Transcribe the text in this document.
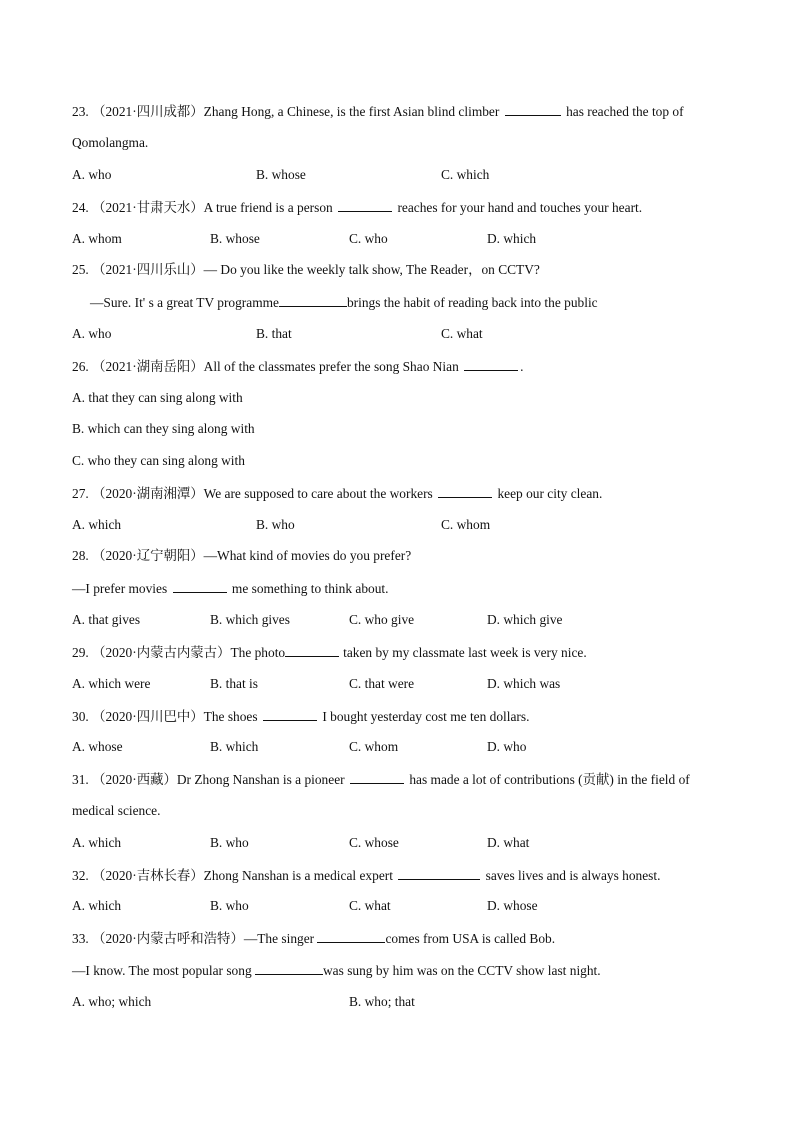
23. （2021·四川成都）Zhang Hong, a Chinese, is the first Asian blind climber	has reached the top of
Qomolangma.
A. who	B. whose	C. which
24. （2021·甘肃天水）A true friend is a person	reaches for your hand and touches your heart.
A. whom	B. whose	C. who	D. which
25. （2021·四川乐山）— Do you like the weekly talk show, The Reader，on CCTV?
—Sure. It' s a great TV programme	brings the habit of reading back into the public
A. who	B. that	C. what
26. （2021·湖南岳阳）All of the classmates prefer the song Shao Nian	.
A. that they can sing along with
B. which can they sing along with
C. who they can sing along with
27. （2020·湖南湘潭）We are supposed to care about the workers	keep our city clean.
A. which	B. who	C. whom
28. （2020·辽宁朝阳）—What kind of movies do you prefer?
—I prefer movies	me something to think about.
A. that gives	B. which gives	C. who give	D. which give
29. （2020·内蒙古内蒙古）The photo	taken by my classmate last week is very nice.
A. which were	B. that is	C. that were	D. which was
30. （2020·四川巴中）The shoes	I bought yesterday cost me ten dollars.
A. whose	B. which	C. whom	D. who
31. （2020·西藏）Dr Zhong Nanshan is a pioneer	has made a lot of contributions (贡献) in the field of
medical science.
A. which	B. who	C. whose	D. what
32. （2020·吉林长春）Zhong Nanshan is a medical expert	saves lives and is always honest.
A. which	B. who	C. what	D. whose
33. （2020·内蒙古呼和浩特）—The singer	comes from USA is called Bob.
—I know. The most popular song	was sung by him was on the CCTV show last night.
A. who; which	B. who; that
